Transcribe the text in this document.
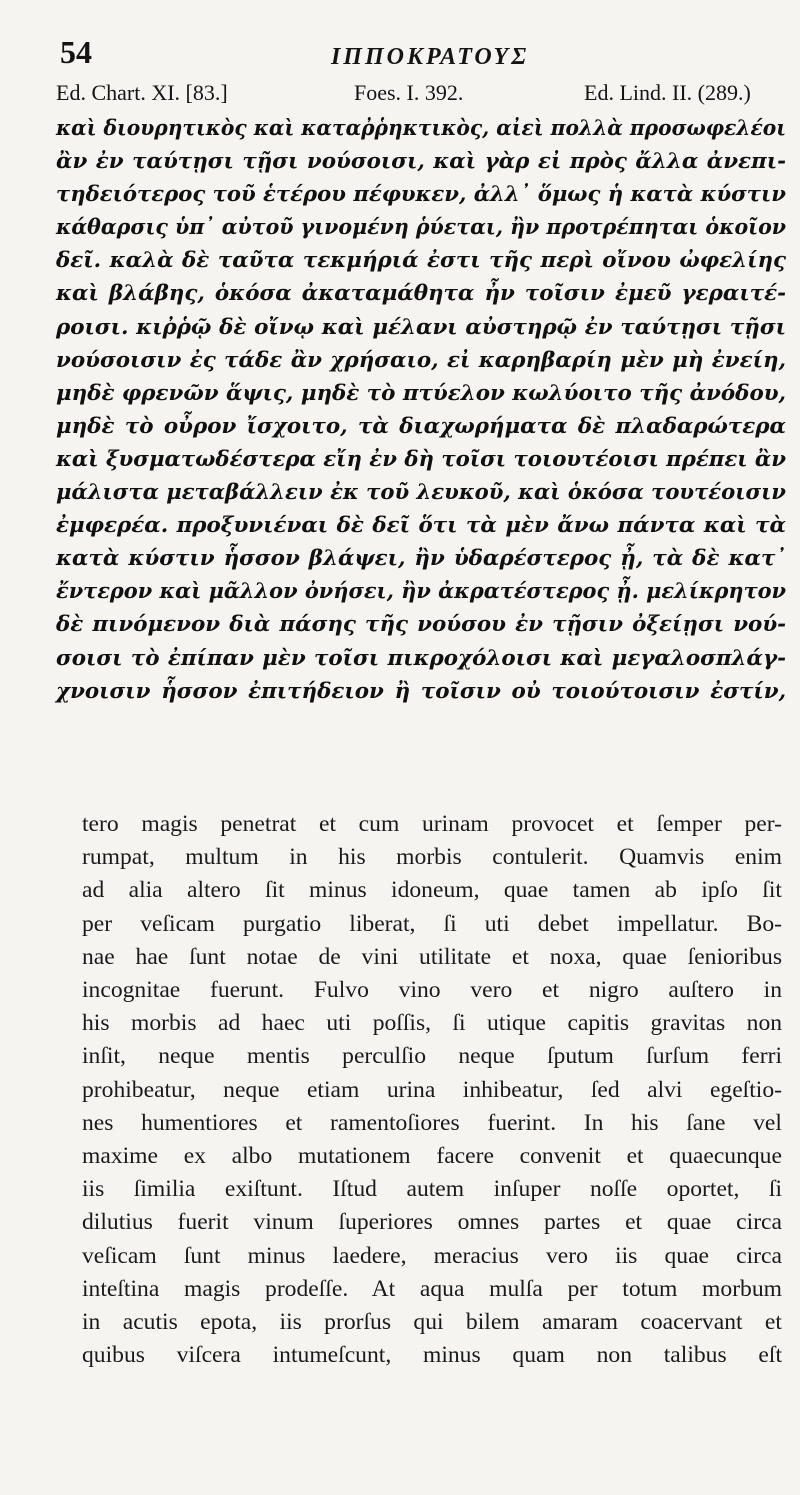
54	ΙΠΠΟΚΡΑΤΟΥΣ
Ed. Chart. XI. [83.]	Foes. I. 392.	Ed. Lind. II. (289.)
καὶ διουρητικὸς καὶ καταῤῥηκτικὸς, αἰεὶ πολλὰ προσωφελέοι
ἂν ἐν ταύτῃσι τῇσι νούσοισι, καὶ γὰρ εἰ πρὸς ἄλλα ἀνεπι-
τηδειότερος τοῦ ἑτέρου πέφυκεν, ἀλλ᾽ ὅμως ἡ κατὰ κύστιν
κάθαρσις ὑπ᾽ αὐτοῦ γινομένη ῥύεται, ἢν προτρέπηται ὁκοῖον
δεῖ. καλὰ δὲ ταῦτα τεκμήριά ἐστι τῆς περὶ οἴνου ὠφελίης
καὶ βλάβης, ὁκόσα ἀκαταμάθητα ἦν τοῖσιν ἐμεῦ γεραιτέ-
ροισι. κιῤῥῷ δὲ οἴνῳ καὶ μέλανι αὐστηρῷ ἐν ταύτῃσι τῇσι
νούσοισιν ἐς τάδε ἂν χρήσαιο, εἰ καρηβαρίη μὲν μὴ ἐνείη,
μηδὲ φρενῶν ἅψις, μηδὲ τὸ πτύελον κωλύοιτο τῆς ἀνόδου,
μηδὲ τὸ οὖρον ἴσχοιτο, τὰ διαχωρήματα δὲ πλαδαρώτερα
καὶ ξυσματωδέστερα εἴη ἐν δὴ τοῖσι τοιουτέοισι πρέπει ἂν
μάλιστα μεταβάλλειν ἐκ τοῦ λευκοῦ, καὶ ὁκόσα τουτέοισιν
ἐμφερέα. προξυνιέναι δὲ δεῖ ὅτι τὰ μὲν ἄνω πάντα καὶ τὰ
κατὰ κύστιν ἧσσον βλάψει, ἢν ὑδαρέστερος ᾖ, τὰ δὲ κατ᾽
ἔντερον καὶ μᾶλλον ὀνήσει, ἢν ἀκρατέστερος ᾖ. μελίκρητον
δὲ πινόμενον διὰ πάσης τῆς νούσου ἐν τῇσιν ὀξείῃσι νού-
σοισι τὸ ἐπίπαν μὲν τοῖσι πικροχόλοισι καὶ μεγαλοσπλάγ-
χνοισιν ἧσσον ἐπιτήδειον ἢ τοῖσιν οὐ τοιούτοισιν ἐστίν,
tero magis penetrat et cum urinam provocet et ſemper per-
rumpat, multum in his morbis contulerit. Quamvis enim
ad alia altero ſit minus idoneum, quae tamen ab ipſo ſit
per veſicam purgatio liberat, ſi uti debet impellatur. Bo-
nae hae ſunt notae de vini utilitate et noxa, quae ſenioribus
incognitae fuerunt. Fulvo vino vero et nigro auſtero in
his morbis ad haec uti poſſis, ſi utique capitis gravitas non
inſit, neque mentis perculſio neque ſputum ſurſum ferri
prohibeatur, neque etiam urina inhibeatur, ſed alvi egeſtio-
nes humentiores et ramentoſiores fuerint. In his ſane vel
maxime ex albo mutationem facere convenit et quaecunque
iis ſimilia exiſtunt. Iſtud autem inſuper noſſe oportet, ſi
dilutius fuerit vinum ſuperiores omnes partes et quae circa
veſicam ſunt minus laedere, meracius vero iis quae circa
inteſtina magis prodeſſe. At aqua mulſa per totum morbum
in acutis epota, iis prorſus qui bilem amaram coacervant et
quibus viſcera intumeſcunt, minus quam non talibus eſt
